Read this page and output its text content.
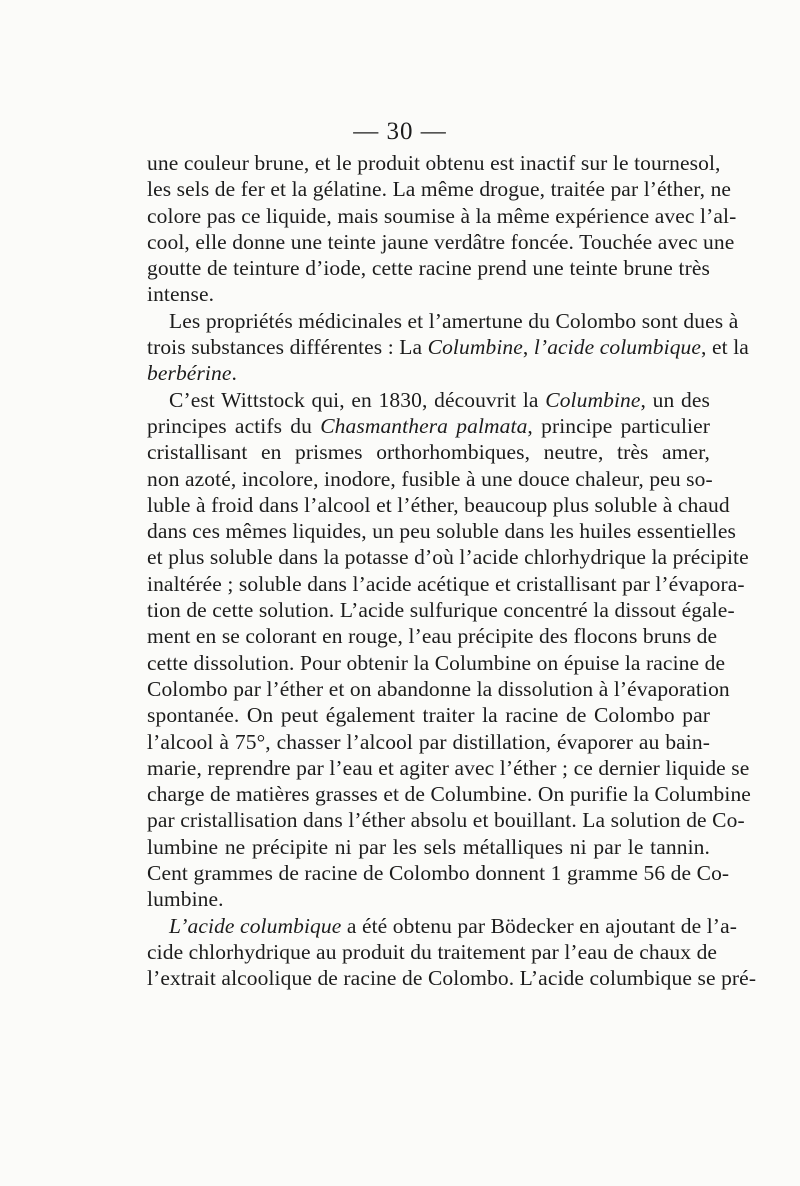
— 30 —
une couleur brune, et le produit obtenu est inactif sur le tournesol,
les sels de fer et la gélatine. La même drogue, traitée par l’éther, ne
colore pas ce liquide, mais soumise à la même expérience avec l’al-
cool, elle donne une teinte jaune verdâtre foncée. Touchée avec une
goutte de teinture d’iode, cette racine prend une teinte brune très
intense.
Les propriétés médicinales et l’amertune du Colombo sont dues à
trois substances différentes : La Columbine, l’acide columbique, et la
berbérine.
C’est Wittstock qui, en 1830, découvrit la Columbine, un des
principes actifs du Chasmanthera palmata, principe particulier
cristallisant en prismes orthorhombiques, neutre, très amer,
non azoté, incolore, inodore, fusible à une douce chaleur, peu so-
luble à froid dans l’alcool et l’éther, beaucoup plus soluble à chaud
dans ces mêmes liquides, un peu soluble dans les huiles essentielles
et plus soluble dans la potasse d’où l’acide chlorhydrique la précipite
inaltérée ; soluble dans l’acide acétique et cristallisant par l’évapora-
tion de cette solution. L’acide sulfurique concentré la dissout égale-
ment en se colorant en rouge, l’eau précipite des flocons bruns de
cette dissolution. Pour obtenir la Columbine on épuise la racine de
Colombo par l’éther et on abandonne la dissolution à l’évaporation
spontanée. On peut également traiter la racine de Colombo par
l’alcool à 75°, chasser l’alcool par distillation, évaporer au bain-
marie, reprendre par l’eau et agiter avec l’éther ; ce dernier liquide se
charge de matières grasses et de Columbine. On purifie la Columbine
par cristallisation dans l’éther absolu et bouillant. La solution de Co-
lumbine ne précipite ni par les sels métalliques ni par le tannin.
Cent grammes de racine de Colombo donnent 1 gramme 56 de Co-
lumbine.
L’acide columbique a été obtenu par Bödecker en ajoutant de l’a-
cide chlorhydrique au produit du traitement par l’eau de chaux de
l’extrait alcoolique de racine de Colombo. L’acide columbique se pré-
